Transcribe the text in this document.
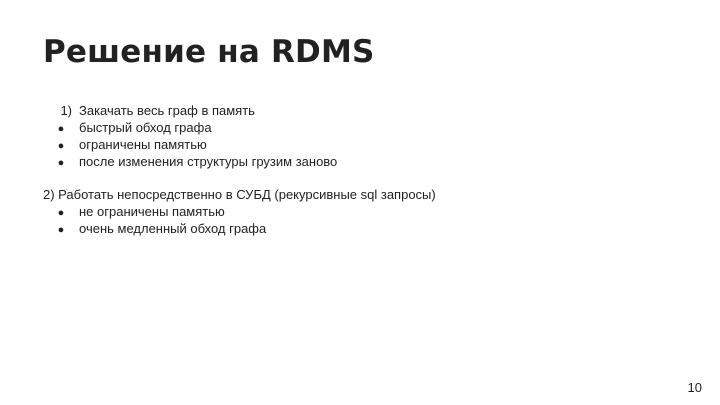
Решение на RDMS
1) Закачать весь граф в память
●	быстрый обход графа
●	ограничены памятью
●	после изменения структуры грузим заново
2) Работать непосредственно в СУБД (рекурсивные sql запросы)
●	не ограничены памятью
●	очень медленный обход графа
10
